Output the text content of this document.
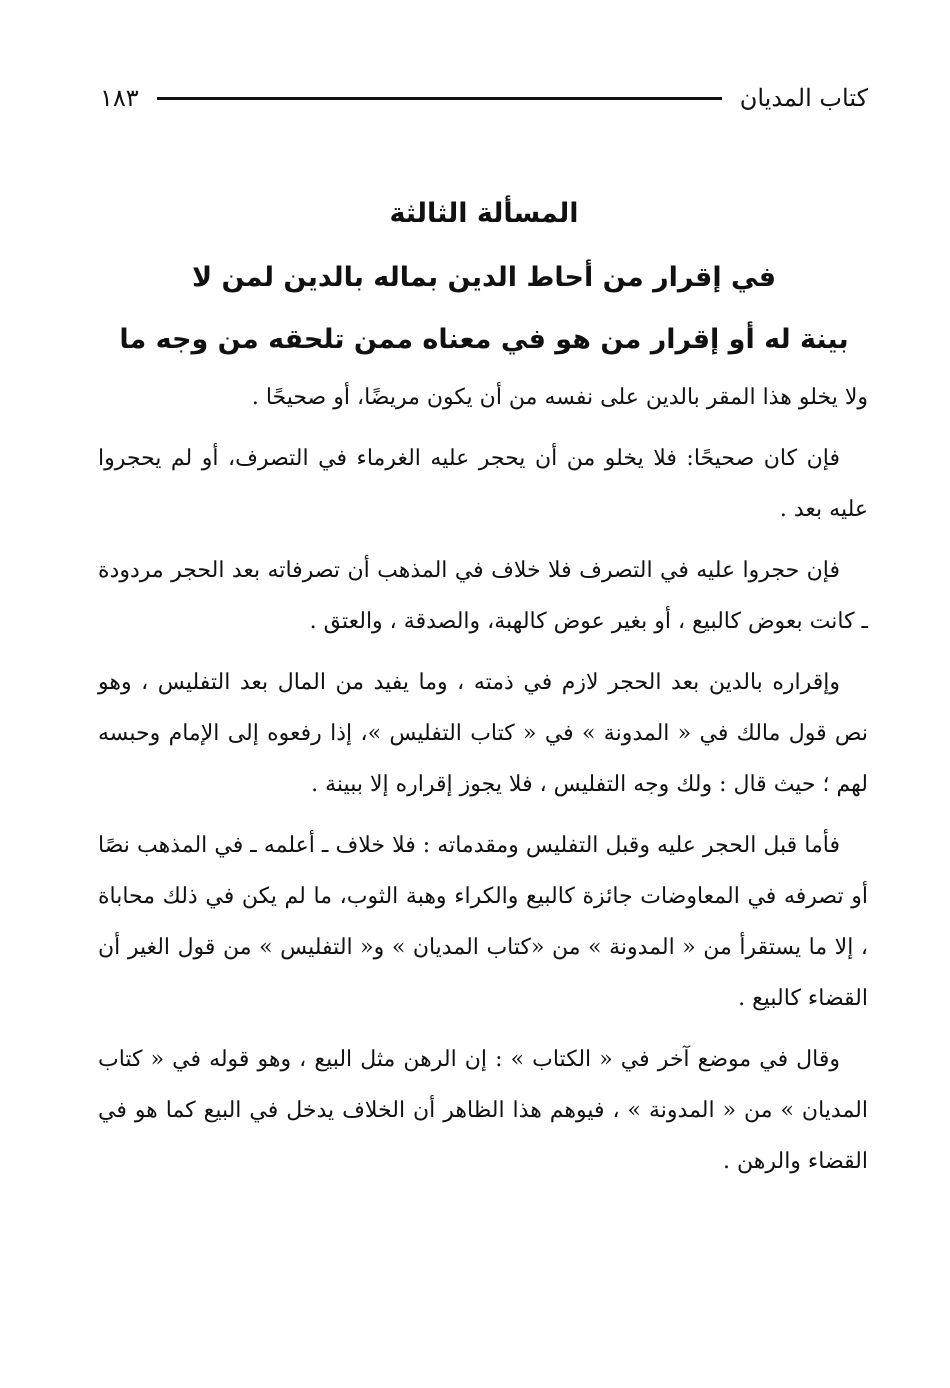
كتاب المديان
١٨٣
المسألة الثالثة
في إقرار من أحاط الدين بماله بالدين لمن لا
بينة له أو إقرار من هو في معناه ممن تلحقه من وجه ما

ولا يخلو هذا المقر بالدين على نفسه من أن يكون مريضًا، أو صحيحًا .

فإن كان صحيحًا: فلا يخلو من أن يحجر عليه الغرماء في التصرف، أو لم يحجروا عليه بعد .

فإن حجروا عليه في التصرف فلا خلاف في المذهب أن تصرفاته بعد الحجر مردودة ـ كانت بعوض كالبيع ، أو بغير عوض كالهبة، والصدقة ، والعتق .

وإقراره بالدين بعد الحجر لازم في ذمته ، وما يفيد من المال بعد التفليس ، وهو نص قول مالك في « المدونة » في « كتاب التفليس »، إذا رفعوه إلى الإمام وحبسه لهم ؛ حيث قال : ولك وجه التفليس ، فلا يجوز إقراره إلا ببينة .

فأما قبل الحجر عليه وقبل التفليس ومقدماته : فلا خلاف ـ أعلمه ـ في المذهب نصًا أو تصرفه في المعاوضات جائزة كالبيع والكراء وهبة الثوب، ما لم يكن في ذلك محاباة ، إلا ما يستقرأ من « المدونة » من «كتاب المديان » و« التفليس » من قول الغير أن القضاء كالبيع .

وقال في موضع آخر في « الكتاب » : إن الرهن مثل البيع ، وهو قوله في « كتاب المديان » من « المدونة » ، فيوهم هذا الظاهر أن الخلاف يدخل في البيع كما هو في القضاء والرهن .
